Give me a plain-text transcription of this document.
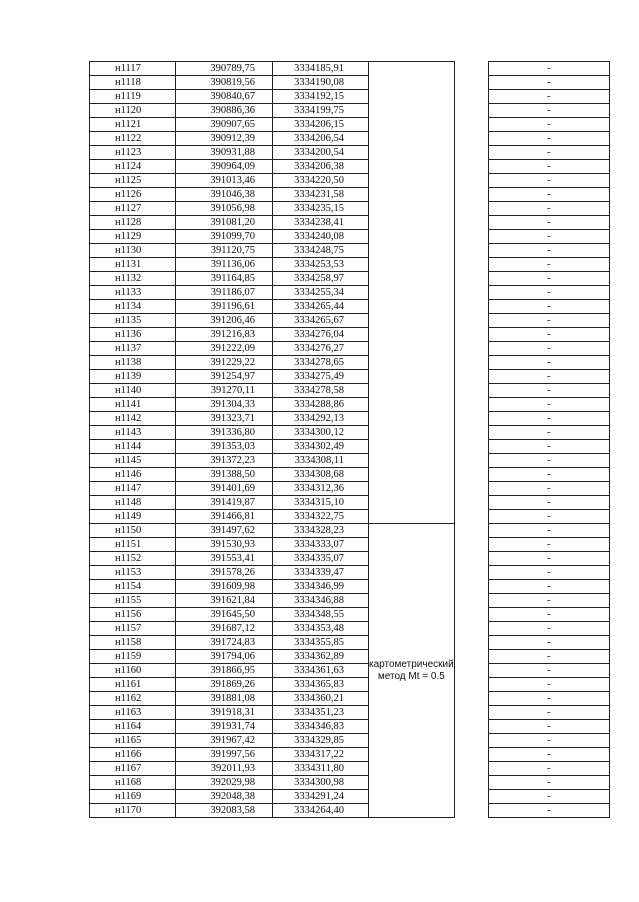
н1117	390789,75	3334185,91			-
н1118	390819,56	3334190,08			-
н1119	390840,67	3334192,15			-
н1120	390886,36	3334199,75			-
н1121	390907,65	3334206,15			-
н1122	390912,39	3334206,54			-
н1123	390931,88	3334200,54			-
н1124	390964,09	3334206,38			-
н1125	391013,46	3334220,50			-
н1126	391046,38	3334231,58			-
н1127	391056,98	3334235,15			-
н1128	391081,20	3334238,41			-
н1129	391099,70	3334240,08			-
н1130	391120,75	3334248,75			-
н1131	391136,06	3334253,53			-
н1132	391164,85	3334258,97			-
н1133	391186,07	3334255,34			-
н1134	391196,61	3334265,44			-
н1135	391206,46	3334265,67			-
н1136	391216,83	3334276,04			-
н1137	391222,09	3334276,27			-
н1138	391229,22	3334278,65			-
н1139	391254,97	3334275,49			-
н1140	391270,11	3334278,58			-
н1141	391304,33	3334288,86			-
н1142	391323,71	3334292,13			-
н1143	391336,80	3334300,12			-
н1144	391353,03	3334302,49			-
н1145	391372,23	3334308,11			-
н1146	391388,50	3334308,68			-
н1147	391401,69	3334312,36			-
н1148	391419,87	3334315,10			-
н1149	391466,81	3334322,75			-
н1150	391497,62	3334328,23	картометрический метод Mt = 0.5		-
н1151	391530,93	3334333,07			-
н1152	391553,41	3334335,07			-
н1153	391578,26	3334339,47			-
н1154	391609,98	3334346,99			-
н1155	391621,84	3334346,88			-
н1156	391645,50	3334348,55			-
н1157	391687,12	3334353,48			-
н1158	391724,83	3334355,85			-
н1159	391794,06	3334362,89			-
н1160	391866,95	3334361,63			-
н1161	391869,26	3334365,83			-
н1162	391881,08	3334360,21			-
н1163	391918,31	3334351,23			-
н1164	391931,74	3334346,83			-
н1165	391967,42	3334329,85			-
н1166	391997,56	3334317,22			-
н1167	392011,93	3334311,80			-
н1168	392029,98	3334300,98			-
н1169	392048,38	3334291,24			-
н1170	392083,58	3334264,40			-
